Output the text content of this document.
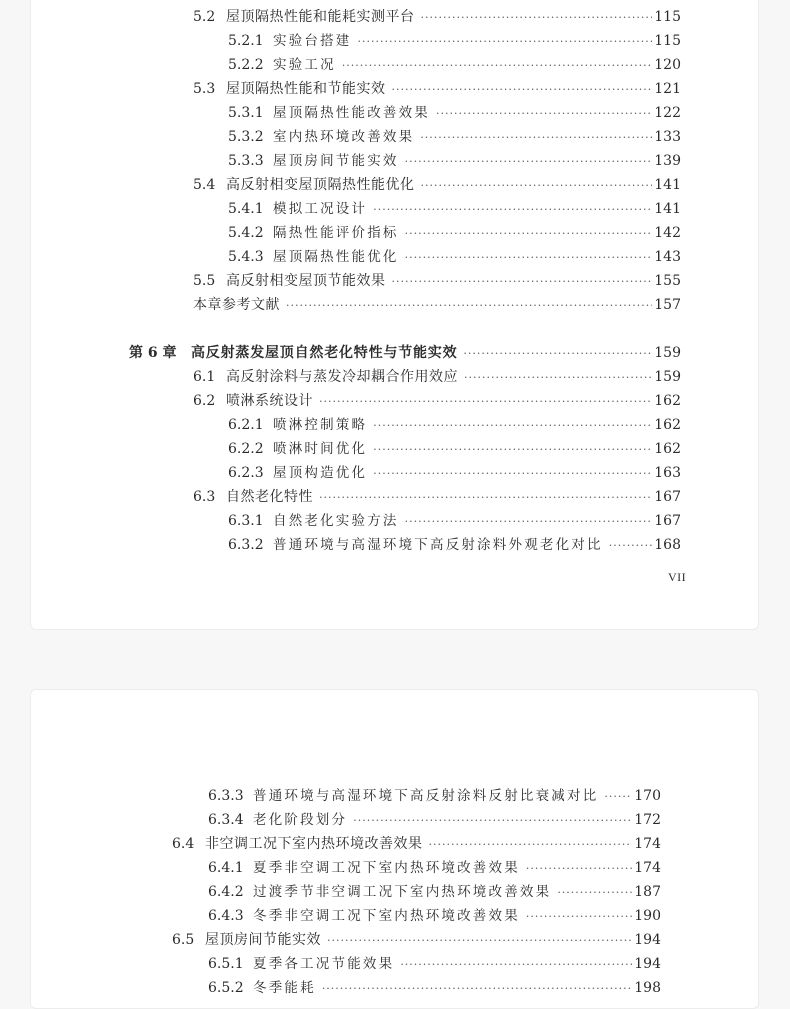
5.2 屋顶隔热性能和能耗实测平台 ·····	115
5.2.1 实验台搭建 ·····	115
5.2.2 实验工况 ·····	120
5.3 屋顶隔热性能和节能实效 ·····	121
5.3.1 屋顶隔热性能改善效果 ·····	122
5.3.2 室内热环境改善效果 ·····	133
5.3.3 屋顶房间节能实效 ·····	139
5.4 高反射相变屋顶隔热性能优化 ·····	141
5.4.1 模拟工况设计 ·····	141
5.4.2 隔热性能评价指标 ·····	142
5.4.3 屋顶隔热性能优化 ·····	143
5.5 高反射相变屋顶节能效果 ·····	155
本章参考文献 ·····	157
第 6 章	高反射蒸发屋顶自然老化特性与节能实效 ·····	159
6.1 高反射涂料与蒸发冷却耦合作用效应 ·····	159
6.2 喷淋系统设计 ·····	162
6.2.1 喷淋控制策略 ·····	162
6.2.2 喷淋时间优化 ·····	162
6.2.3 屋顶构造优化 ·····	163
6.3 自然老化特性 ·····	167
6.3.1 自然老化实验方法 ·····	167
6.3.2 普通环境与高湿环境下高反射涂料外观老化对比 ·····	168
VII
6.3.3 普通环境与高湿环境下高反射涂料反射比衰减对比 ·····	170
6.3.4 老化阶段划分 ·····	172
6.4 非空调工况下室内热环境改善效果 ·····	174
6.4.1 夏季非空调工况下室内热环境改善效果 ·····	174
6.4.2 过渡季节非空调工况下室内热环境改善效果 ·····	187
6.4.3 冬季非空调工况下室内热环境改善效果 ·····	190
6.5 屋顶房间节能实效 ·····	194
6.5.1 夏季各工况节能效果 ·····	194
6.5.2 冬季能耗 ·····	198
